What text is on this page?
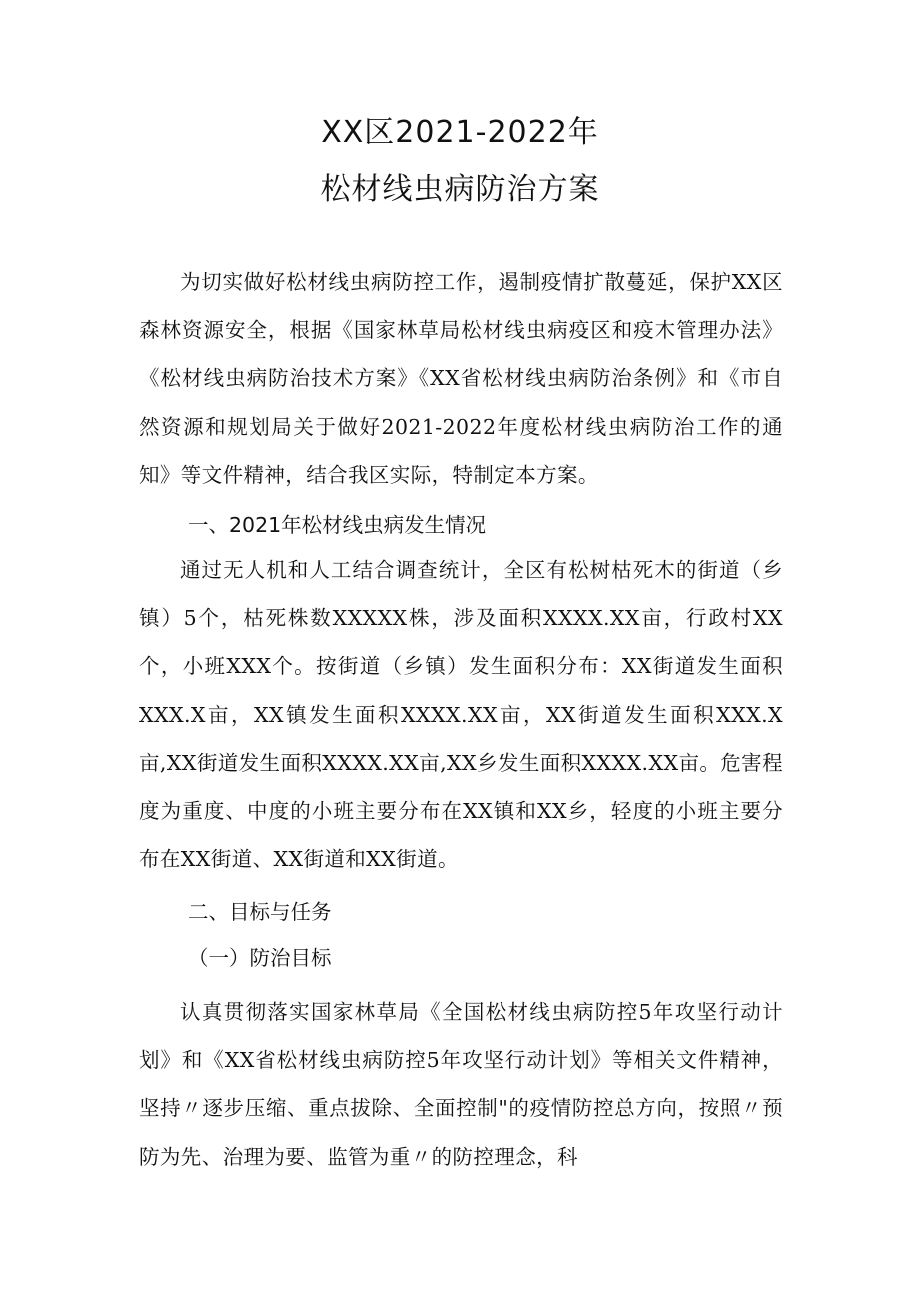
XX区2021-2022年
松材线虫病防治方案

为切实做好松材线虫病防控工作，遏制疫情扩散蔓延，保护XX区森林资源安全，根据《国家林草局松材线虫病疫区和疫木管理办法》《松材线虫病防治技术方案》《XX省松材线虫病防治条例》和《市自然资源和规划局关于做好2021-2022年度松材线虫病防治工作的通知》等文件精神，结合我区实际，特制定本方案。

一、2021年松材线虫病发生情况

通过无人机和人工结合调查统计，全区有松树枯死木的街道（乡镇）5个，枯死株数XXXXX株，涉及面积XXXX.XX亩，行政村XX个，小班XXX个。按街道（乡镇）发生面积分布：XX街道发生面积XXX.X亩，XX镇发生面积XXXX.XX亩，XX街道发生面积XXX.X亩,XX街道发生面积XXXX.XX亩,XX乡发生面积XXXX.XX亩。危害程度为重度、中度的小班主要分布在XX镇和XX乡，轻度的小班主要分布在XX街道、XX街道和XX街道。

二、目标与任务
（一）防治目标

认真贯彻落实国家林草局《全国松材线虫病防控5年攻坚行动计划》和《XX省松材线虫病防控5年攻坚行动计划》等相关文件精神，坚持〃逐步压缩、重点拔除、全面控制"的疫情防控总方向，按照〃预防为先、治理为要、监管为重〃的防控理念，科
